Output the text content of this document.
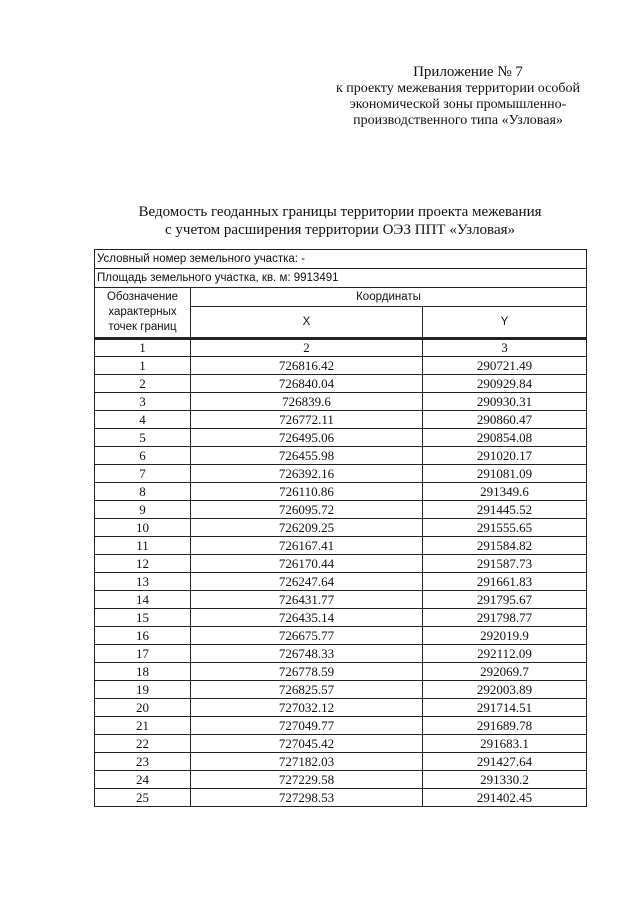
Приложение № 7
к проекту межевания территории особой
экономической зоны промышленно-
производственного типа «Узловая»
Ведомость геоданных границы территории проекта межевания
с учетом расширения территории ОЭЗ ППТ «Узловая»
Условный номер земельного участка: -		
Площадь земельного участка, кв. м: 9913491		

Обозначение
характерных
точек границ	Координаты	
	X	Y

1	2	3
1	726816.42	290721.49
2	726840.04	290929.84
3	726839.6	290930.31
4	726772.11	290860.47
5	726495.06	290854.08
6	726455.98	291020.17
7	726392.16	291081.09
8	726110.86	291349.6
9	726095.72	291445.52
10	726209.25	291555.65
11	726167.41	291584.82
12	726170.44	291587.73
13	726247.64	291661.83
14	726431.77	291795.67
15	726435.14	291798.77
16	726675.77	292019.9
17	726748.33	292112.09
18	726778.59	292069.7
19	726825.57	292003.89
20	727032.12	291714.51
21	727049.77	291689.78
22	727045.42	291683.1
23	727182.03	291427.64
24	727229.58	291330.2
25	727298.53	291402.45
